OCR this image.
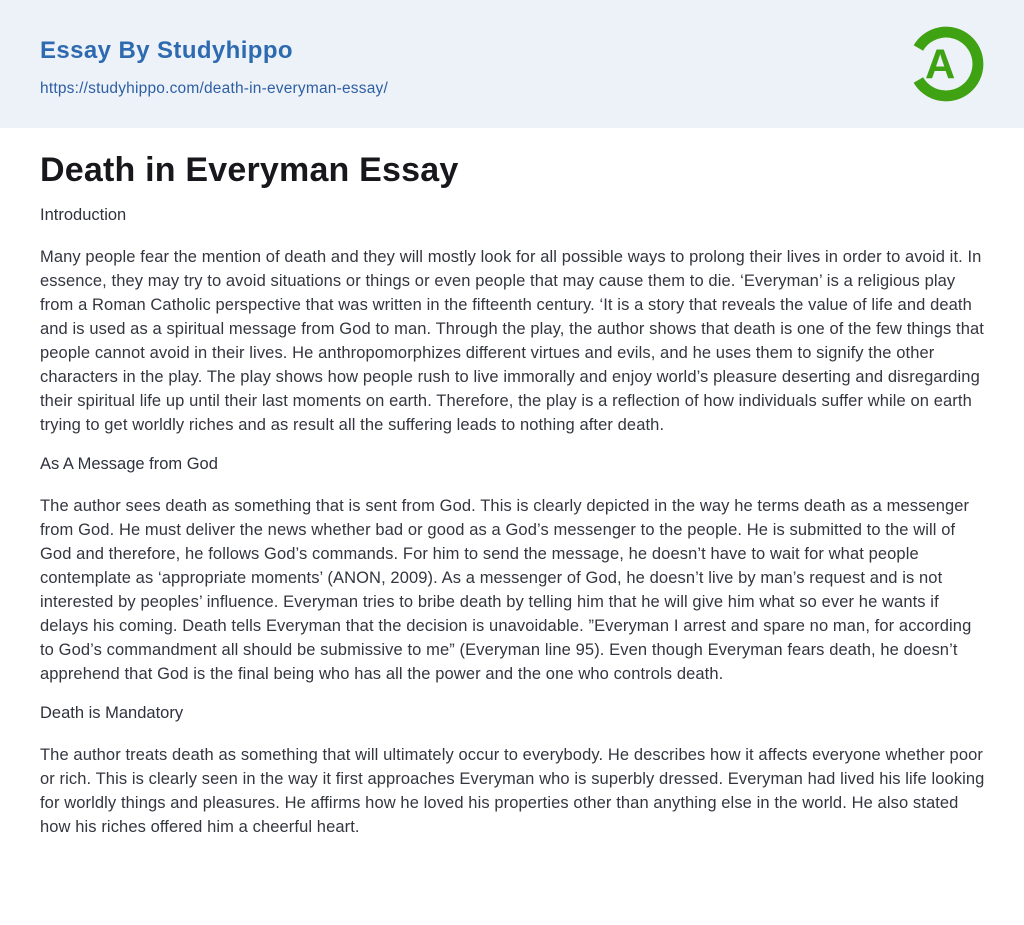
Essay By Studyhippo
https://studyhippo.com/death-in-everyman-essay/
A
Death in Everyman Essay
Introduction

Many people fear the mention of death and they will mostly look for all possible ways to prolong their lives in order to avoid it. In essence, they may try to avoid situations or things or even people that may cause them to die. ‘Everyman’ is a religious play from a Roman Catholic perspective that was written in the fifteenth century. ‘It is a story that reveals the value of life and death and is used as a spiritual message from God to man. Through the play, the author shows that death is one of the few things that people cannot avoid in their lives. He anthropomorphizes different virtues and evils, and he uses them to signify the other characters in the play. The play shows how people rush to live immorally and enjoy world’s pleasure deserting and disregarding their spiritual life up until their last moments on earth. Therefore, the play is a reflection of how individuals suffer while on earth trying to get worldly riches and as result all the suffering leads to nothing after death.

As A Message from God

The author sees death as something that is sent from God. This is clearly depicted in the way he terms death as a messenger from God. He must deliver the news whether bad or good as a God’s messenger to the people. He is submitted to the will of God and therefore, he follows God’s commands. For him to send the message, he doesn’t have to wait for what people contemplate as ‘appropriate moments’ (ANON, 2009). As a messenger of God, he doesn’t live by man’s request and is not interested by peoples’ influence. Everyman tries to bribe death by telling him that he will give him what so ever he wants if delays his coming. Death tells Everyman that the decision is unavoidable. ”Everyman I arrest and spare no man, for according to God’s commandment all should be submissive to me” (Everyman line 95). Even though Everyman fears death, he doesn’t apprehend that God is the final being who has all the power and the one who controls death.

Death is Mandatory

The author treats death as something that will ultimately occur to everybody. He describes how it affects everyone whether poor or rich. This is clearly seen in the way it first approaches Everyman who is superbly dressed. Everyman had lived his life looking for worldly things and pleasures. He affirms how he loved his properties other than anything else in the world. He also stated how his riches offered him a cheerful heart.
